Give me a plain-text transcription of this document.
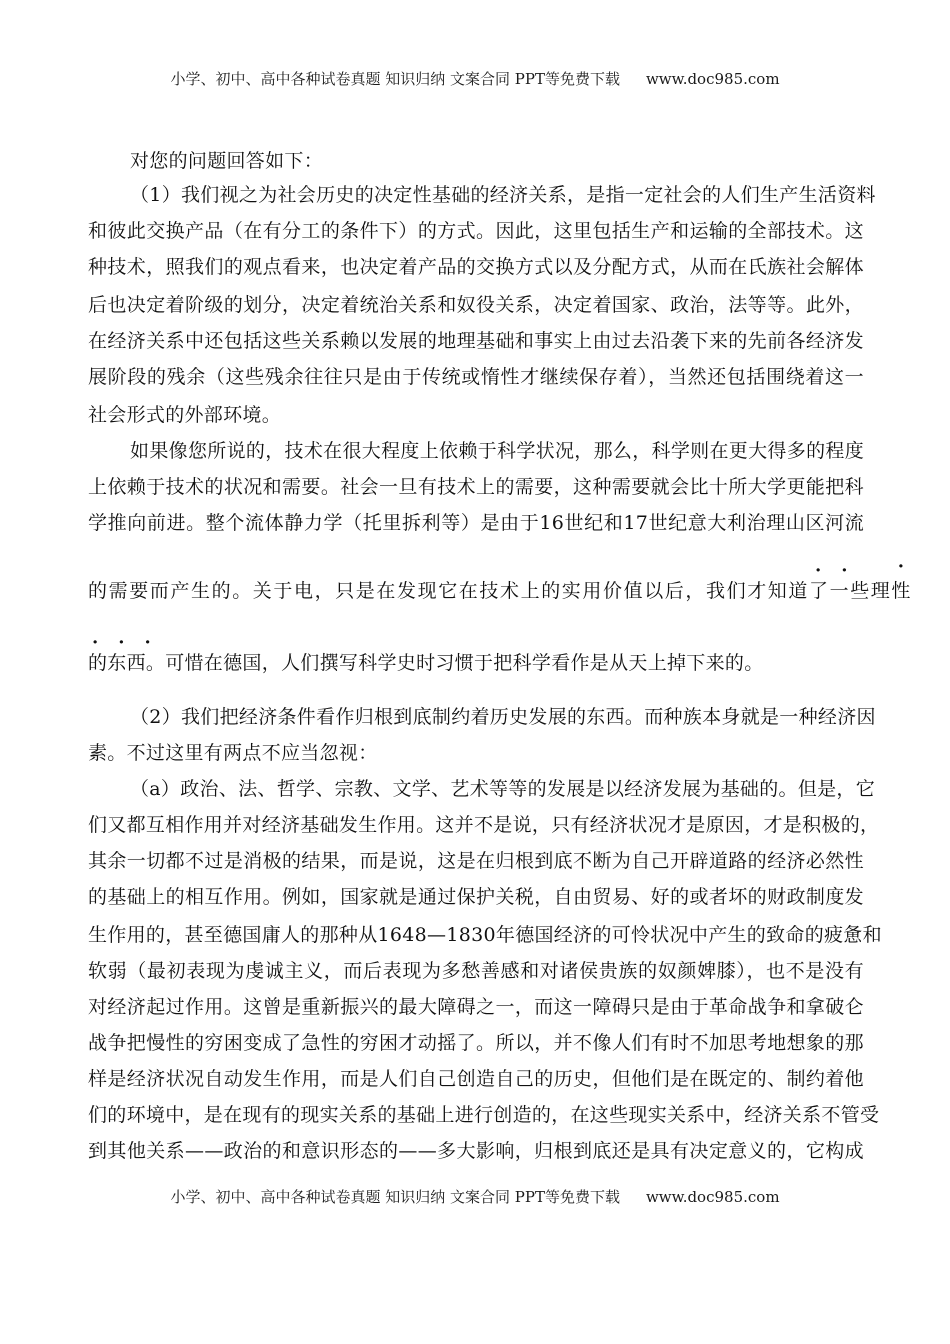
小学、初中、高中各种试卷真题 知识归纳 文案合同 PPT等免费下载 www.doc985.com
对您的问题回答如下：
（1）我们视之为社会历史的决定性基础的经济关系，是指一定社会的人们生产生活资料
和彼此交换产品（在有分工的条件下）的方式。因此，这里包括生产和运输的全部技术。这
种技术，照我们的观点看来，也决定着产品的交换方式以及分配方式，从而在氏族社会解体
后也决定着阶级的划分，决定着统治关系和奴役关系，决定着国家、政治，法等等。此外，
在经济关系中还包括这些关系赖以发展的地理基础和事实上由过去沿袭下来的先前各经济发
展阶段的残余（这些残余往往只是由于传统或惰性才继续保存着），当然还包括围绕着这一
社会形式的外部环境。
如果像您所说的，技术在很大程度上依赖于科学状况，那么，科学则在更大得多的程度
上依赖于技术的状况和需要。社会一旦有技术上的需要，这种需要就会比十所大学更能把科
学推向前进。整个流体静力学（托里拆利等）是由于16世纪和17世纪意大利治理山区河流
的需要而产生的。关于电，只是在发现它在技术上的实用价值以后，我们才知道了一些理
· 性
的东西。可惜在德国，人们撰写科学史时习惯于把科学看作是从天上掉下来的。
（2）我们把经济条件看作归根到底制约着历史发展的东西。而种族本身就是一种经济因
素。不过这里有两点不应当忽视：
（a）政治、法、哲学、宗教、文学、艺术等等的发展是以经济发展为基础的。但是，它
们又都互相作用并对经济基础发生作用。这并不是说，只有经济状况才是原因，才是积极的，
其余一切都不过是消极的结果，而是说，这是在归根到底不断为自己开辟道路的经济必然性
的基础上的相互作用。例如，国家就是通过保护关税，自由贸易、好的或者坏的财政制度发
生作用的，甚至德国庸人的那种从1648—1830年德国经济的可怜状况中产生的致命的疲惫和
软弱（最初表现为虔诚主义，而后表现为多愁善感和对诸侯贵族的奴颜婢膝），也不是没有
对经济起过作用。这曾是重新振兴的最大障碍之一，而这一障碍只是由于革命战争和拿破仑
战争把慢性的穷困变成了急性的穷困才动摇了。所以，并不像人们有时不加思考地想象的那
样是经济状况自动发生作用，而是人们自己创造自己的历史，但他们是在既定的、制约着他
们的环境中，是在现有的现实关系的基础上进行创造的，在这些现实关系中，经济关系不管受
到其他关系——政治的和意识形态的——多大影响，归根到底还是具有决定意义的，它构成
··
···
小学、初中、高中各种试卷真题 知识归纳 文案合同 PPT等免费下载 www.doc985.com
